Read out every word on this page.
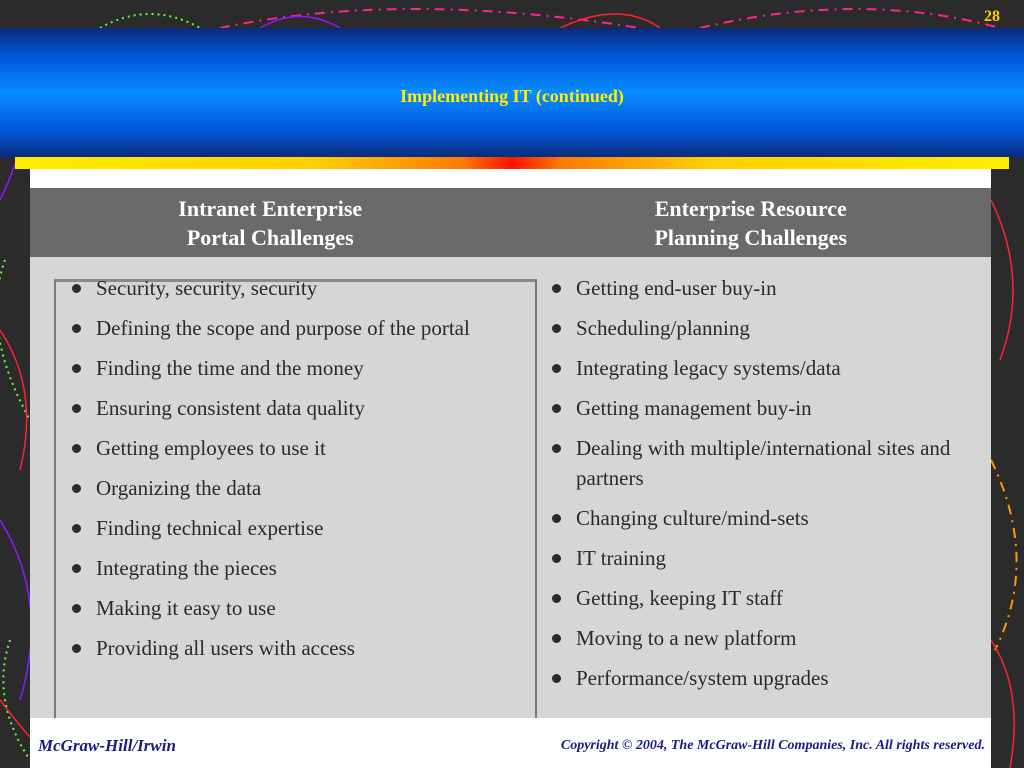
28
Implementing IT (continued)
Intranet Enterprise
Portal Challenges
Enterprise Resource
Planning Challenges
Security, security, security
Defining the scope and purpose of the portal
Finding the time and the money
Ensuring consistent data quality
Getting employees to use it
Organizing the data
Finding technical expertise
Integrating the pieces
Making it easy to use
Providing all users with access
Getting end-user buy-in
Scheduling/planning
Integrating legacy systems/data
Getting management buy-in
Dealing with multiple/international sites and partners
Changing culture/mind-sets
IT training
Getting, keeping IT staff
Moving to a new platform
Performance/system upgrades
McGraw-Hill/Irwin	Copyright © 2004, The McGraw-Hill Companies, Inc. All rights reserved.
